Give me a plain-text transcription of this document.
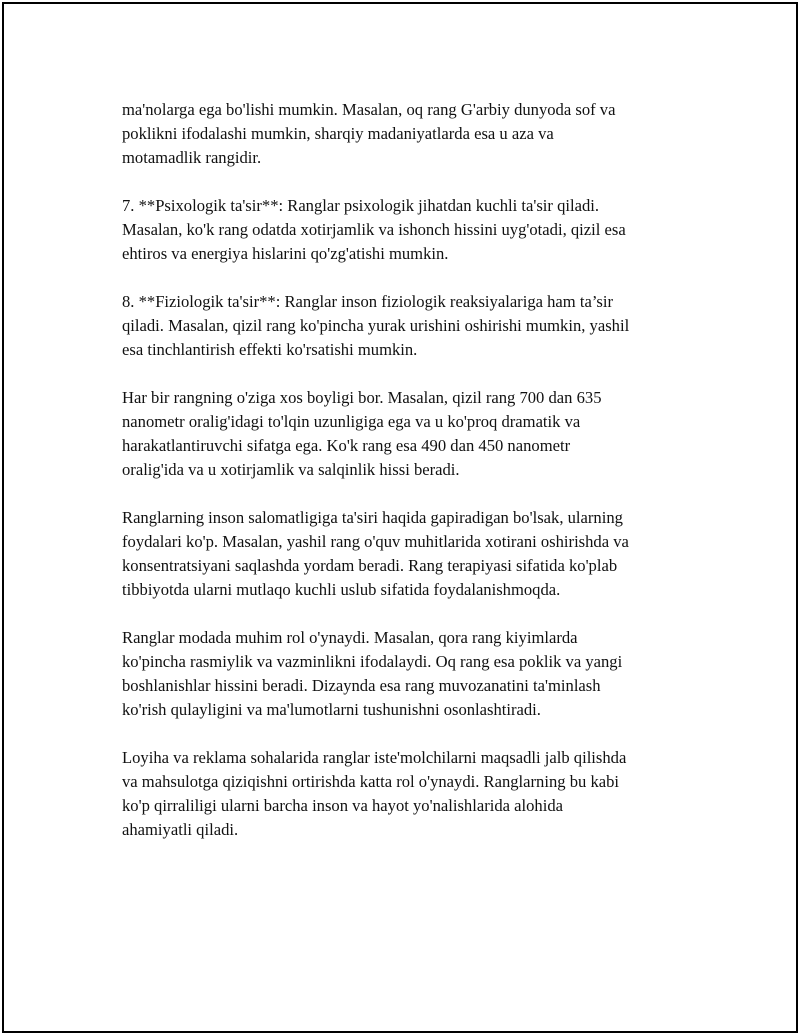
ma'nolarga ega bo'lishi mumkin. Masalan, oq rang G'arbiy dunyoda sof va
poklikni ifodalashi mumkin, sharqiy madaniyatlarda esa u aza va
motamadlik rangidir.
7. **Psixologik ta'sir**: Ranglar psixologik jihatdan kuchli ta'sir qiladi.
Masalan, ko'k rang odatda xotirjamlik va ishonch hissini uyg'otadi, qizil esa
ehtiros va energiya hislarini qo'zg'atishi mumkin.
8. **Fiziologik ta'sir**: Ranglar inson fiziologik reaksiyalariga ham ta’sir
qiladi. Masalan, qizil rang ko'pincha yurak urishini oshirishi mumkin, yashil
esa tinchlantirish effekti ko'rsatishi mumkin.
Har bir rangning o'ziga xos boyligi bor. Masalan, qizil rang 700 dan 635
nanometr oralig'idagi to'lqin uzunligiga ega va u ko'proq dramatik va
harakatlantiruvchi sifatga ega. Ko'k rang esa 490 dan 450 nanometr
oralig'ida va u xotirjamlik va salqinlik hissi beradi.
Ranglarning inson salomatligiga ta'siri haqida gapiradigan bo'lsak, ularning
foydalari ko'p. Masalan, yashil rang o'quv muhitlarida xotirani oshirishda va
konsentratsiyani saqlashda yordam beradi. Rang terapiyasi sifatida ko'plab
tibbiyotda ularni mutlaqo kuchli uslub sifatida foydalanishmoqda.
Ranglar modada muhim rol o'ynaydi. Masalan, qora rang kiyimlarda
ko'pincha rasmiylik va vazminlikni ifodalaydi. Oq rang esa poklik va yangi
boshlanishlar hissini beradi. Dizaynda esa rang muvozanatini ta'minlash
ko'rish qulayligini va ma'lumotlarni tushunishni osonlashtiradi.
Loyiha va reklama sohalarida ranglar iste'molchilarni maqsadli jalb qilishda
va mahsulotga qiziqishni ortirishda katta rol o'ynaydi. Ranglarning bu kabi
ko'p qirraliligi ularni barcha inson va hayot yo'nalishlarida alohida
ahamiyatli qiladi.
